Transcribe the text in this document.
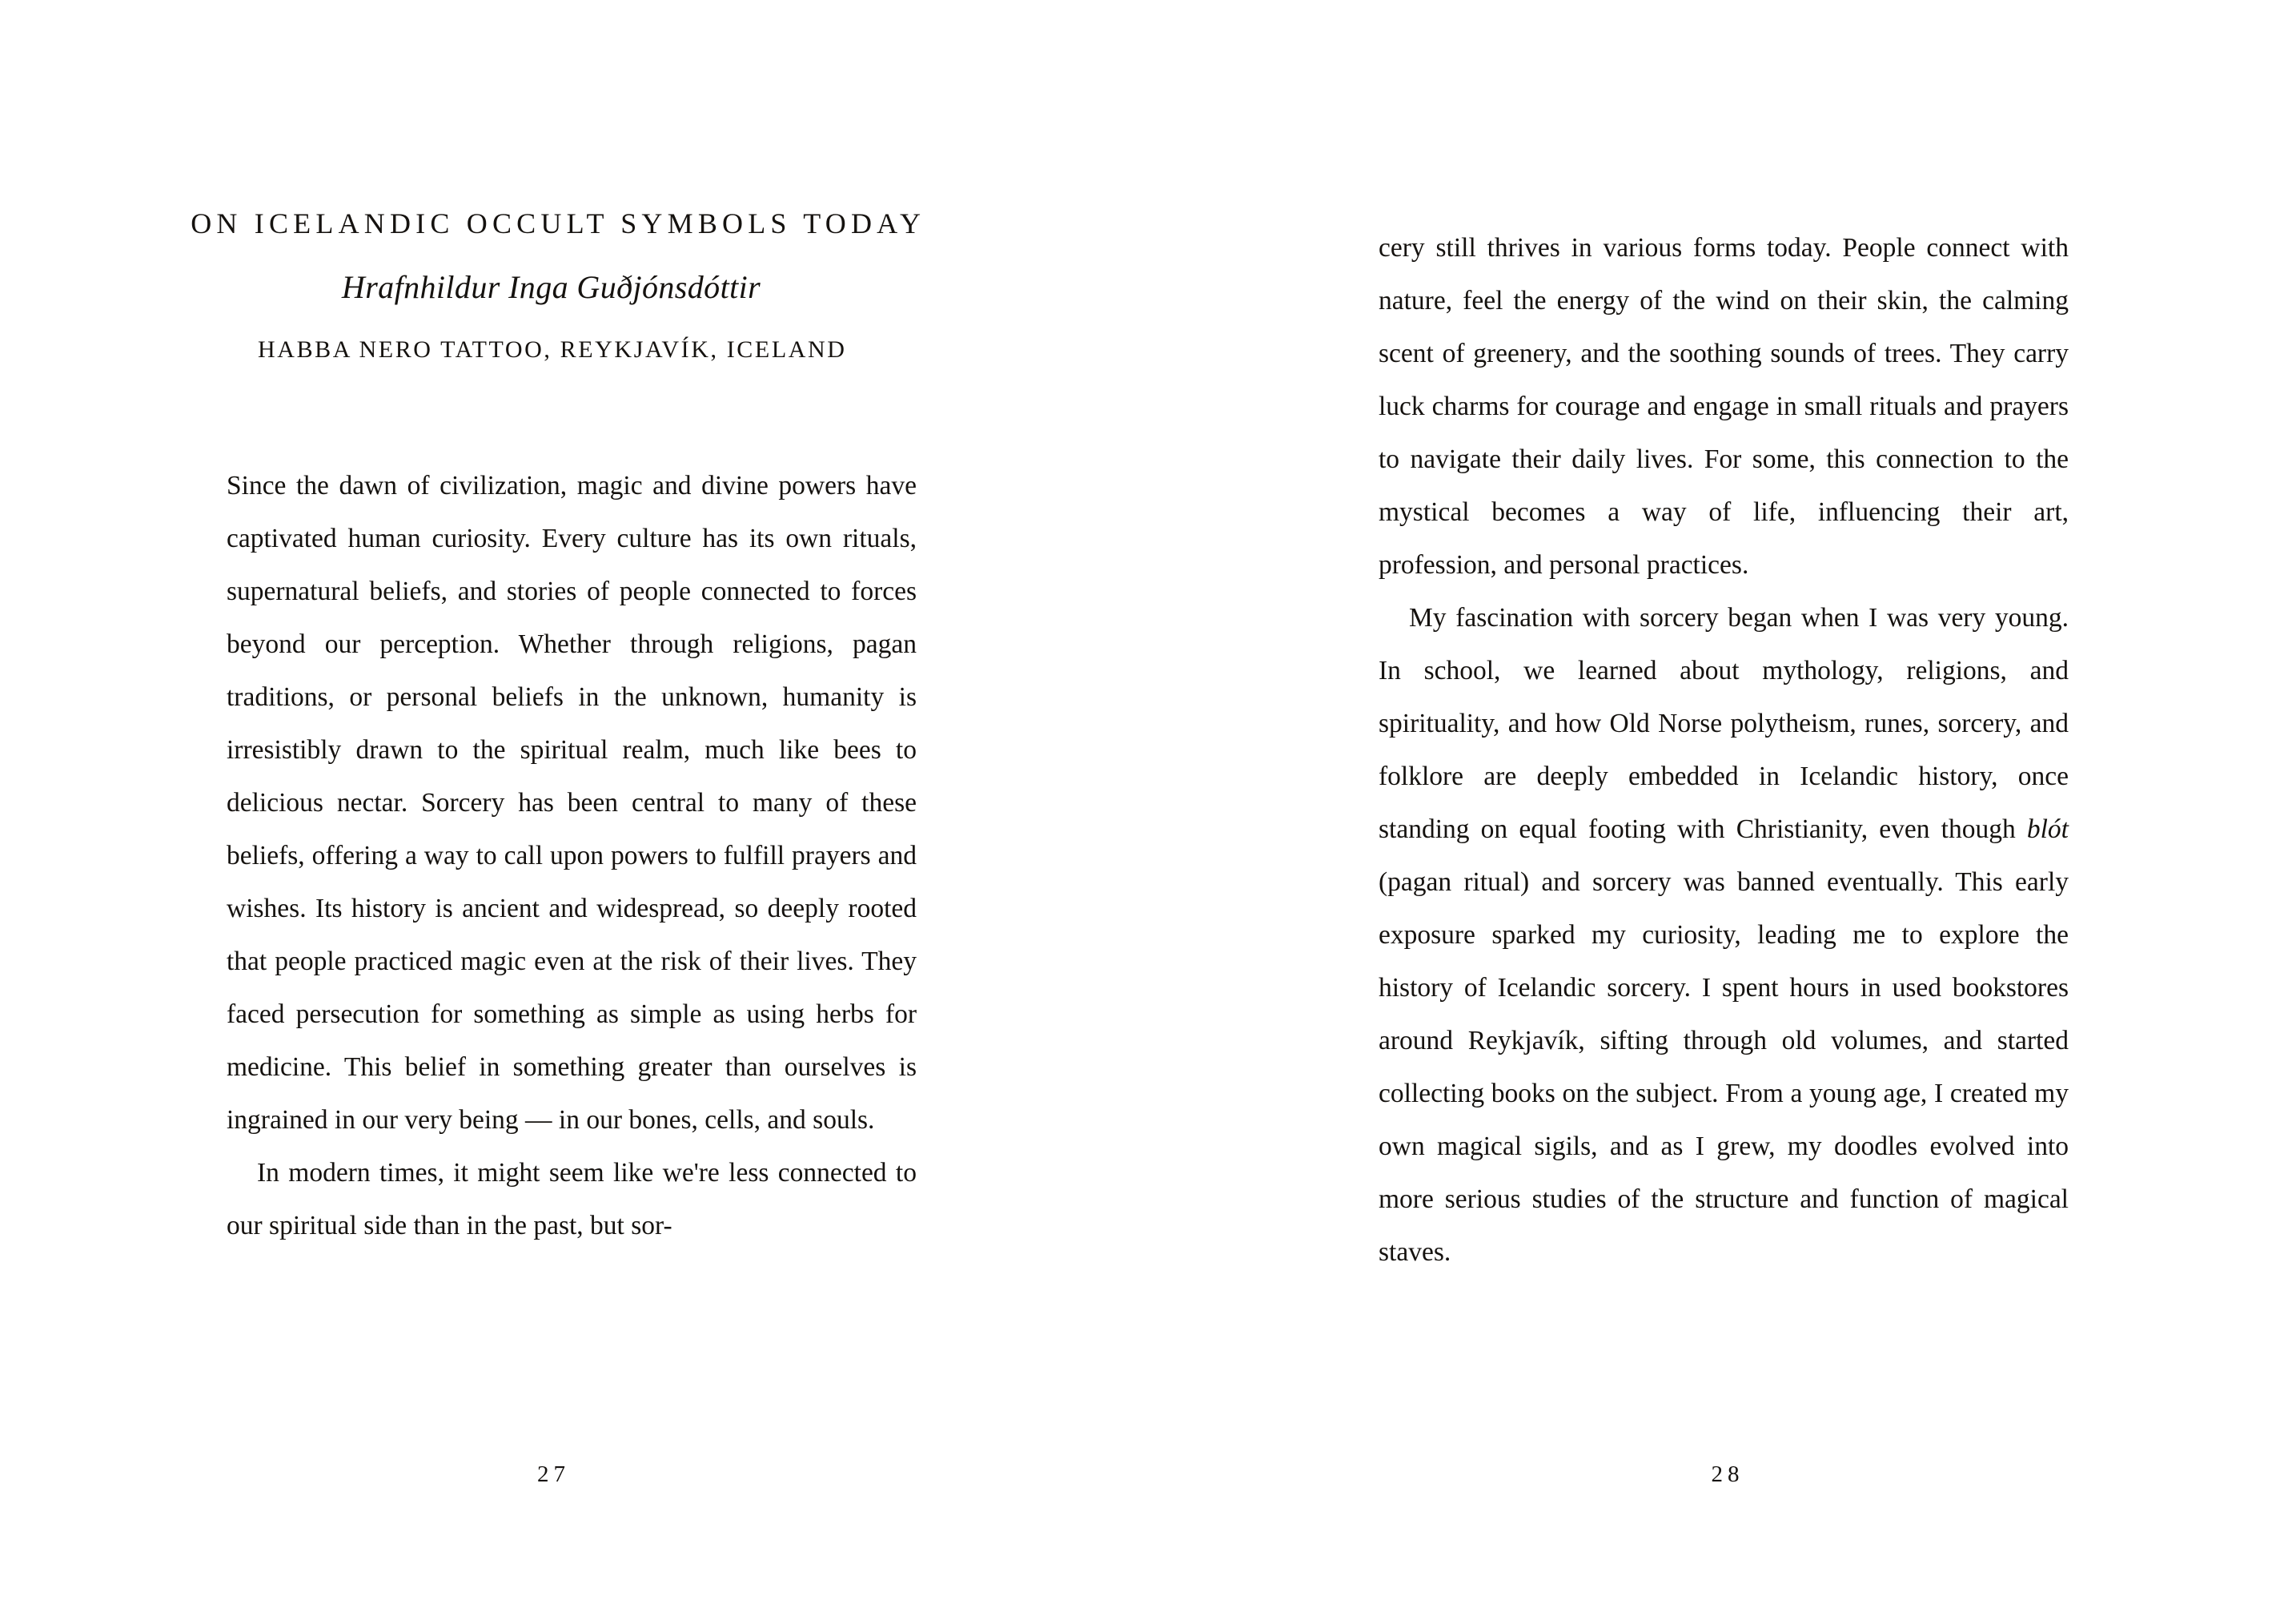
ON ICELANDIC OCCULT SYMBOLS TODAY

Hrafnhildur Inga Guðjónsdóttir

HABBA NERO TATTOO, REYKJAVÍK, ICELAND

Since the dawn of civilization, magic and divine powers have captivated human curiosity. Every culture has its own rituals, supernatural beliefs, and stories of people connected to forces beyond our perception. Whether through religions, pagan traditions, or personal beliefs in the unknown, humanity is irresistibly drawn to the spiritual realm, much like bees to delicious nectar. Sorcery has been central to many of these beliefs, offering a way to call upon powers to fulfill prayers and wishes. Its history is ancient and widespread, so deeply rooted that people practiced magic even at the risk of their lives. They faced persecution for something as simple as using herbs for medicine. This belief in something greater than ourselves is ingrained in our very being — in our bones, cells, and souls.

In modern times, it might seem like we're less connected to our spiritual side than in the past, but sor-

27

cery still thrives in various forms today. People connect with nature, feel the energy of the wind on their skin, the calming scent of greenery, and the soothing sounds of trees. They carry luck charms for courage and engage in small rituals and prayers to navigate their daily lives. For some, this connection to the mystical becomes a way of life, influencing their art, profession, and personal practices.

My fascination with sorcery began when I was very young. In school, we learned about mythology, religions, and spirituality, and how Old Norse polytheism, runes, sorcery, and folklore are deeply embedded in Icelandic history, once standing on equal footing with Christianity, even though blót (pagan ritual) and sorcery was banned eventually. This early exposure sparked my curiosity, leading me to explore the history of Icelandic sorcery. I spent hours in used bookstores around Reykjavík, sifting through old volumes, and started collecting books on the subject. From a young age, I created my own magical sigils, and as I grew, my doodles evolved into more serious studies of the structure and function of magical staves.

28
